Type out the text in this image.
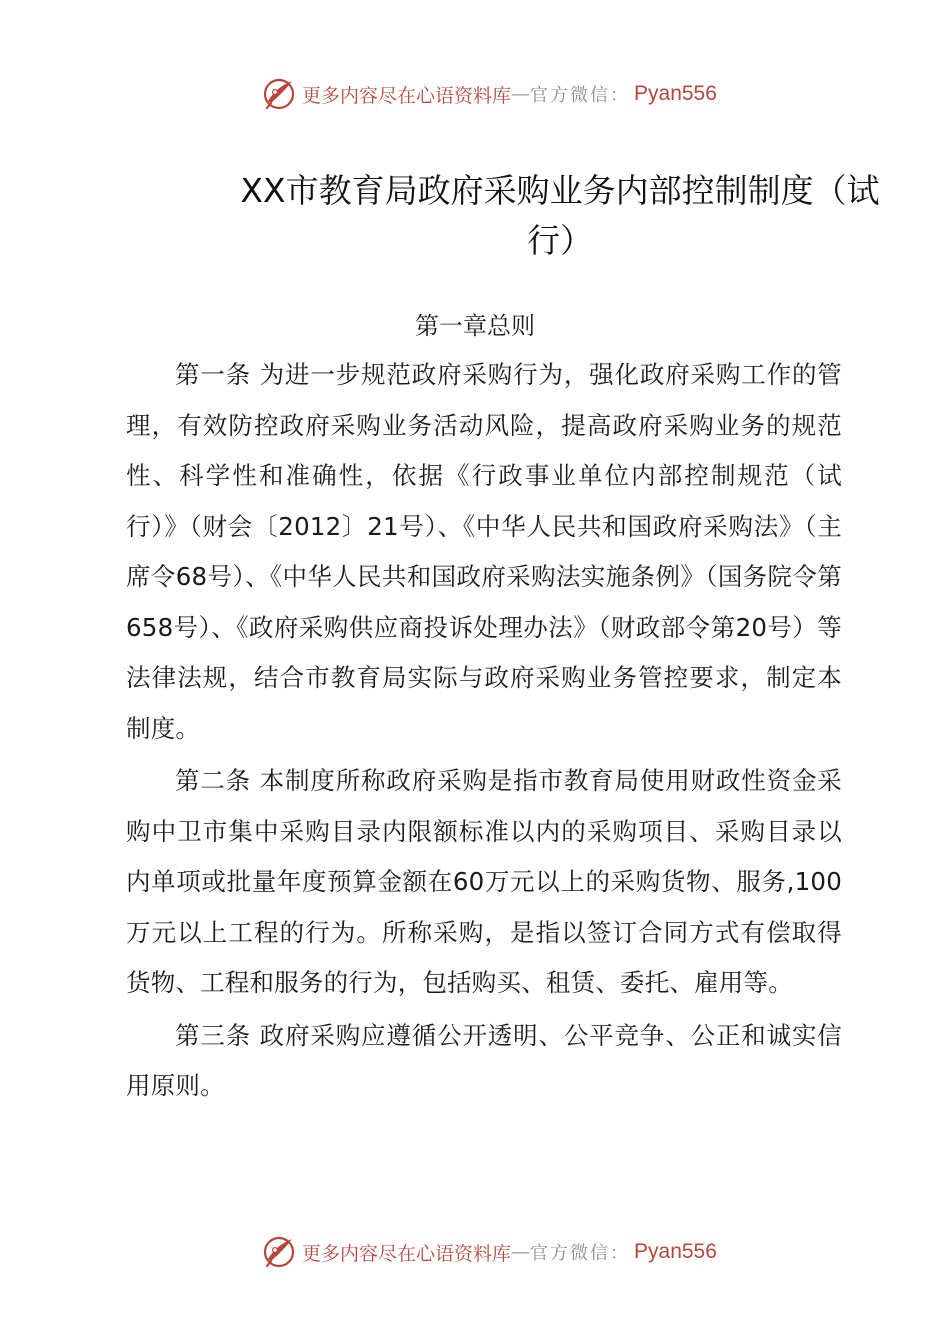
更多内容尽在心语资料库 — 官方微信： Pyan556
XX市教育局政府采购业务内部控制制度（试行）
第一章总则

第一条 为进一步规范政府采购行为，强化政府采购工作的管理，有效防控政府采购业务活动风险，提高政府采购业务的规范性、科学性和准确性，依据《行政事业单位内部控制规范（试行）》（财会〔2012〕21号）、《中华人民共和国政府采购法》（主席令68号）、《中华人民共和国政府采购法实施条例》（国务院令第658号）、《政府采购供应商投诉处理办法》（财政部令第20号）等法律法规，结合市教育局实际与政府采购业务管控要求，制定本制度。

第二条 本制度所称政府采购是指市教育局使用财政性资金采购中卫市集中采购目录内限额标准以内的采购项目、采购目录以内单项或批量年度预算金额在60万元以上的采购货物、服务,100万元以上工程的行为。所称采购，是指以签订合同方式有偿取得货物、工程和服务的行为，包括购买、租赁、委托、雇用等。

第三条 政府采购应遵循公开透明、公平竞争、公正和诚实信用原则。

更多内容尽在心语资料库 — 官方微信： Pyan556
